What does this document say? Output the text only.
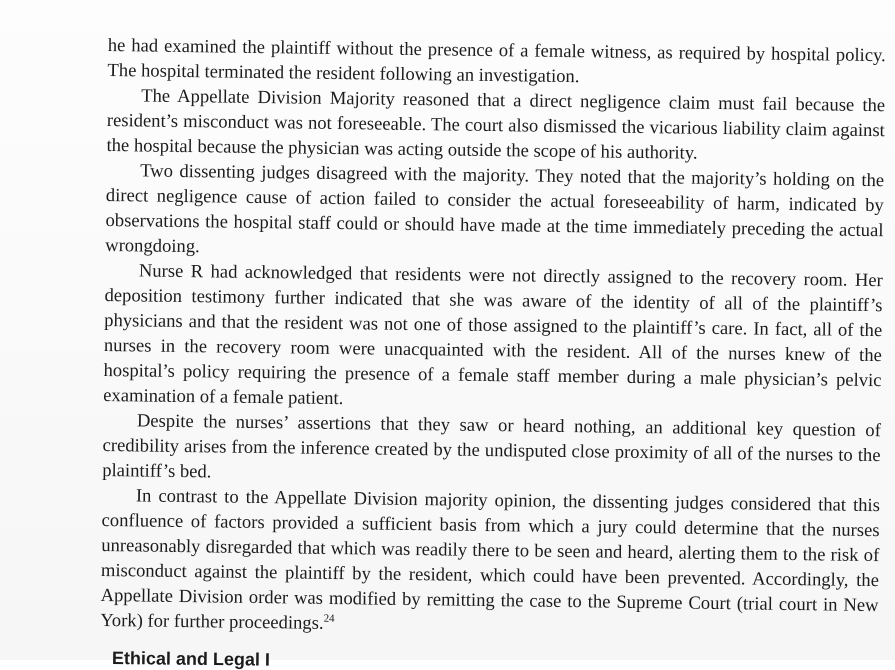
he had examined the plaintiff without the presence of a female witness, as required by hospital policy. The hospital terminated the resident following an investigation.

The Appellate Division Majority reasoned that a direct negligence claim must fail because the resident’s misconduct was not foreseeable. The court also dismissed the vicarious liability claim against the hospital because the physician was acting outside the scope of his authority.

Two dissenting judges disagreed with the majority. They noted that the majority’s holding on the direct negligence cause of action failed to consider the actual foreseeability of harm, indicated by observations the hospital staff could or should have made at the time immediately preceding the actual wrongdoing.

Nurse R had acknowledged that residents were not directly assigned to the recovery room. Her deposition testimony further indicated that she was aware of the identity of all of the plaintiff’s physicians and that the resident was not one of those assigned to the plaintiff’s care. In fact, all of the nurses in the recovery room were unacquainted with the resident. All of the nurses knew of the hospital’s policy requiring the presence of a female staff member during a male physician’s pelvic examination of a female patient.

Despite the nurses’ assertions that they saw or heard nothing, an additional key question of credibility arises from the inference created by the undisputed close proximity of all of the nurses to the plaintiff’s bed.

In contrast to the Appellate Division majority opinion, the dissenting judges considered that this confluence of factors provided a sufficient basis from which a jury could determine that the nurses unreasonably disregarded that which was readily there to be seen and heard, alerting them to the risk of misconduct against the plaintiff by the resident, which could have been prevented. Accordingly, the Appellate Division order was modified by remitting the case to the Supreme Court (trial court in New York) for further proceedings.$^{24}$

Ethical and Legal I
